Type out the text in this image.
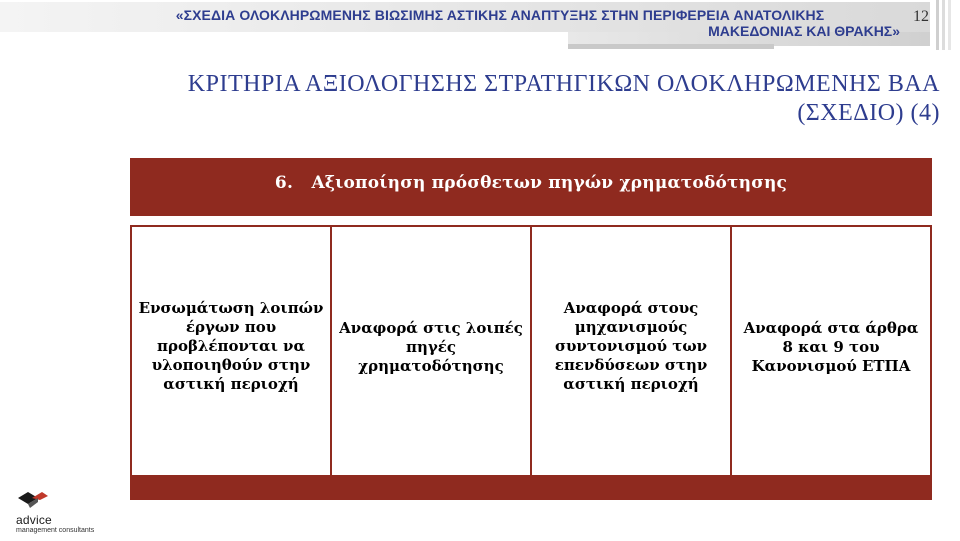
«ΣΧΕΔΙΑ ΟΛΟΚΛΗΡΩΜΕΝΗΣ ΒΙΩΣΙΜΗΣ ΑΣΤΙΚΗΣ ΑΝΑΠΤΥΞΗΣ ΣΤΗΝ ΠΕΡΙΦΕΡΕΙΑ ΑΝΑΤΟΛΙΚΗΣ
ΜΑΚΕΔΟΝΙΑΣ ΚΑΙ ΘΡΑΚΗΣ»
12
ΚΡΙΤΗΡΙΑ ΑΞΙΟΛΟΓΗΣΗΣ ΣΤΡΑΤΗΓΙΚΩΝ ΟΛΟΚΛΗΡΩΜΕΝΗΣ ΒΑΑ
(ΣΧΕΔΙΟ) (4)
6. Αξιοποίηση πρόσθετων πηγών χρηματοδότησης
Ενσωμάτωση λοιπών
έργων που
προβλέπονται να
υλοποιηθούν στην
αστική περιοχή
Αναφορά στις λοιπές
πηγές
χρηματοδότησης
Αναφορά στους
μηχανισμούς
συντονισμού των
επενδύσεων στην
αστική περιοχή
Αναφορά στα άρθρα
8 και 9 του
Κανονισμού ΕΤΠΑ
advice
management consultants
